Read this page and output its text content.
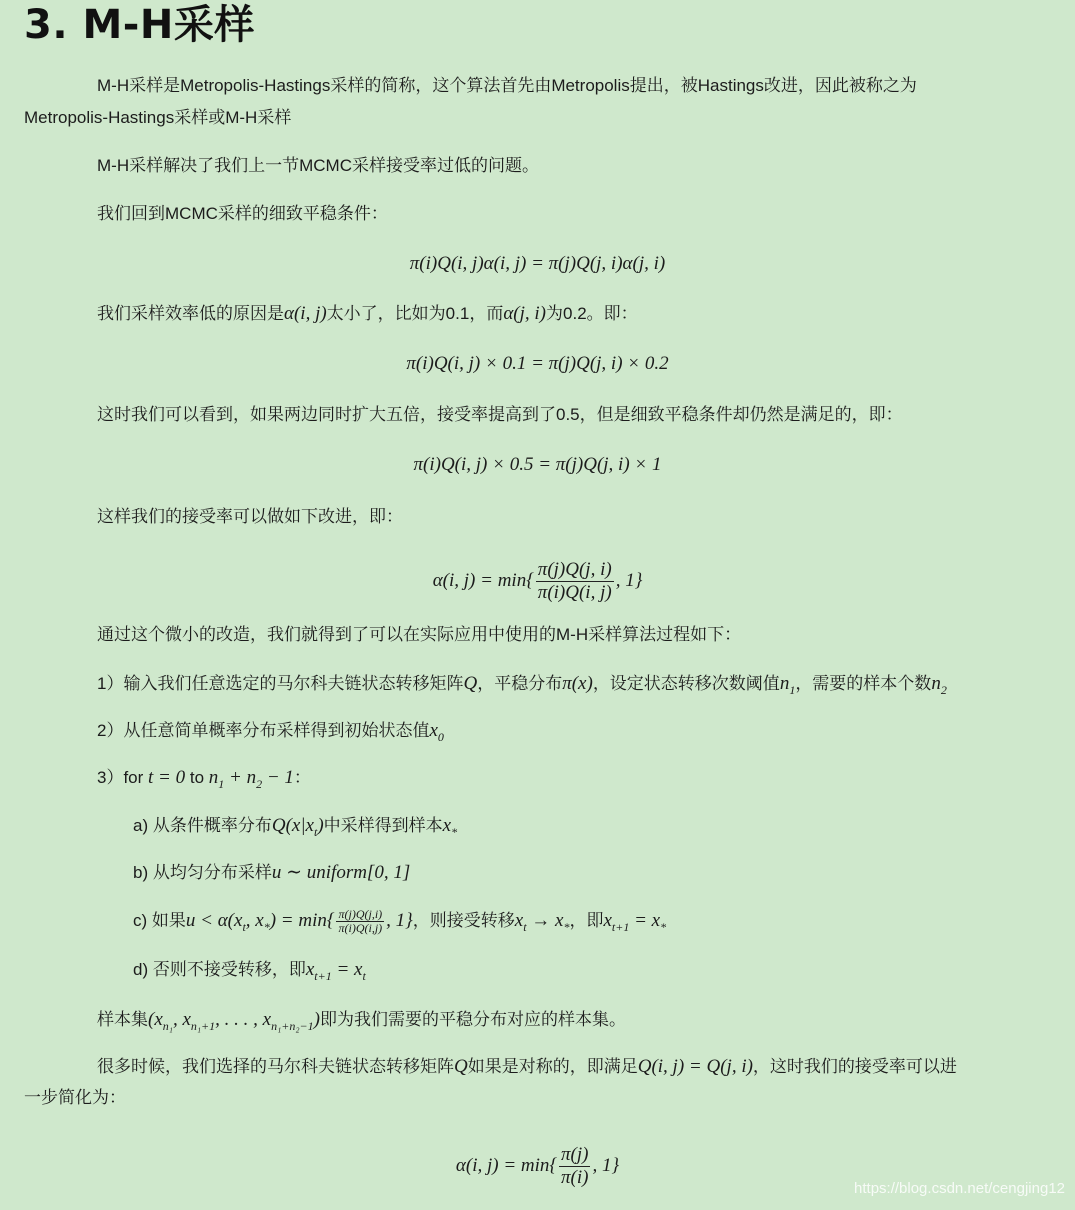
3. M-H采样
M-H采样是Metropolis-Hastings采样的简称，这个算法首先由Metropolis提出，被Hastings改进，因此被称之为
Metropolis-Hastings采样或M-H采样
M-H采样解决了我们上一节MCMC采样接受率过低的问题。
我们回到MCMC采样的细致平稳条件：
π(i)Q(i, j)α(i, j) = π(j)Q(j, i)α(j, i)
我们采样效率低的原因是α(i, j)太小了，比如为0.1，而α(j, i)为0.2。即：
π(i)Q(i, j) × 0.1 = π(j)Q(j, i) × 0.2
这时我们可以看到，如果两边同时扩大五倍，接受率提高到了0.5，但是细致平稳条件却仍然是满足的，即：
π(i)Q(i, j) × 0.5 = π(j)Q(j, i) × 1
这样我们的接受率可以做如下改进，即：
α(i, $j) = \min\{ \frac{\pi(j)Q(j, i)}{\pi(i)Q(i, j)}$ , 1}
通过这个微小的改造，我们就得到了可以在实际应用中使用的M-H采样算法过程如下：
1）输入我们任意选定的马尔科夫链状态转移矩阵Q，平稳分布π(x)，设定状态转移次数阈值$n_1$，需要的样本个数$n_2$
2）从任意简单概率分布采样得到初始状态值$x_0$
3）for t = 0 to $n_1 + n_2 - 1$：
a) 从条件概率分布$Q(x|x_t)$中采样得到样本$x_*$
b) 从均匀分布采样u ∼ uniform[0, 1]
c) 如果$u < \alpha(x_t$, $x_*) = \min\{ \frac{\pi(j)Q(j,i)}{\pi(i)Q(i,j)}$ , 1}，则接受转移$x_t \to x_*$，即$x_{t+1} = x_*$
d) 否则不接受转移，即$x_{t+1} = x_t$
样本集($x_{n_1}$, $x_{n_1+1}$, . . . , $x_{n_1+n_2-1}$)即为我们需要的平稳分布对应的样本集。
很多时候，我们选择的马尔科夫链状态转移矩阵Q如果是对称的，即满足Q(i, j) = Q(j, i)，这时我们的接受率可以进
一步简化为：
α(i, $j) = \min\{ \frac{\pi(j)}{\pi(i)}$ , 1}
https://blog.csdn.net/cengjing12
